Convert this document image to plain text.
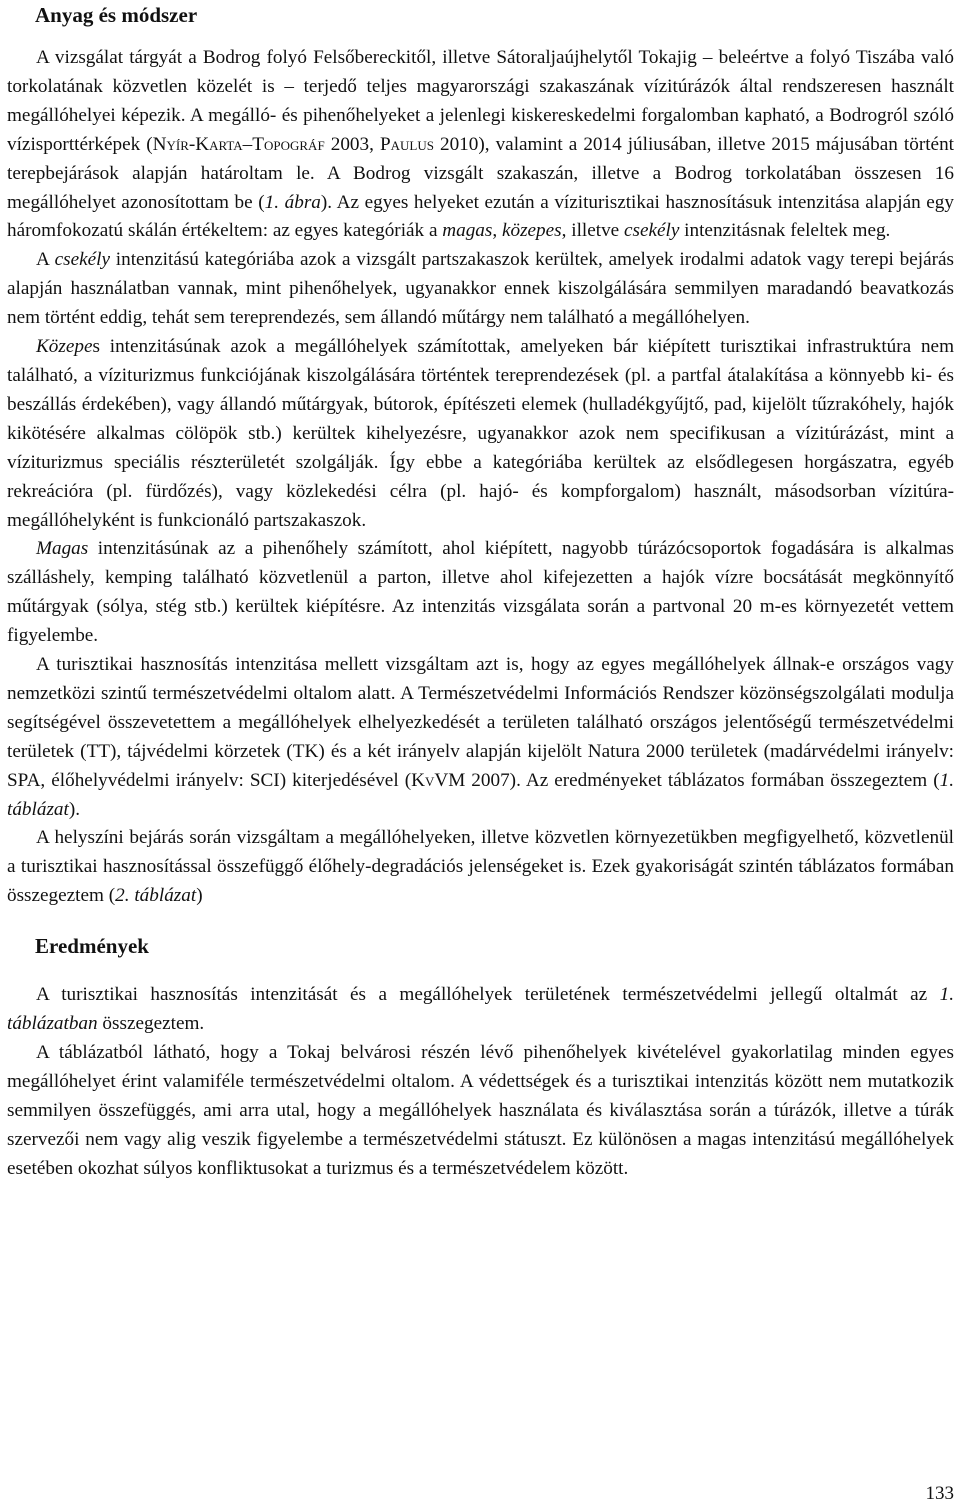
Anyag és módszer

A vizsgálat tárgyát a Bodrog folyó Felsőbereckitől, illetve Sátoraljaújhelytől Tokajig – beleértve a folyó Tiszába való torkolatának közvetlen közelét is – terjedő teljes magyarországi szakaszának vízitúrázók által rendszeresen használt megállóhelyei képezik. A megálló- és pihenőhelyeket a jelenlegi kiskereskedelmi forgalomban kapható, a Bodrogról szóló vízisporttérképek (Nyír-Karta–Topográf 2003, Paulus 2010), valamint a 2014 júliusában, illetve 2015 májusában történt terepbejárások alapján határoltam le. A Bodrog vizsgált szakaszán, illetve a Bodrog torkolatában összesen 16 megállóhelyet azonosítottam be (1. ábra). Az egyes helyeket ezután a víziturisztikai hasznosításuk intenzitása alapján egy háromfokozatú skálán értékeltem: az egyes kategóriák a magas, közepes, illetve csekély intenzitásnak feleltek meg.

A csekély intenzitású kategóriába azok a vizsgált partszakaszok kerültek, amelyek irodalmi adatok vagy terepi bejárás alapján használatban vannak, mint pihenőhelyek, ugyanakkor ennek kiszolgálására semmilyen maradandó beavatkozás nem történt eddig, tehát sem tereprendezés, sem állandó műtárgy nem található a megállóhelyen.

Közepes intenzitásúnak azok a megállóhelyek számítottak, amelyeken bár kiépített turisztikai infrastruktúra nem található, a víziturizmus funkciójának kiszolgálására történtek tereprendezések (pl. a partfal átalakítása a könnyebb ki- és beszállás érdekében), vagy állandó műtárgyak, bútorok, építészeti elemek (hulladékgyűjtő, pad, kijelölt tűzrakóhely, hajók kikötésére alkalmas cölöpök stb.) kerültek kihelyezésre, ugyanakkor azok nem specifikusan a vízitúrázást, mint a víziturizmus speciális részterületét szolgálják. Így ebbe a kategóriába kerültek az elsődlegesen horgászatra, egyéb rekreációra (pl. fürdőzés), vagy közlekedési célra (pl. hajó- és kompforgalom) használt, másodsorban vízitúra-megállóhelyként is funkcionáló partszakaszok.

Magas intenzitásúnak az a pihenőhely számított, ahol kiépített, nagyobb túrázócsoportok fogadására is alkalmas szálláshely, kemping található közvetlenül a parton, illetve ahol kifejezetten a hajók vízre bocsátását megkönnyítő műtárgyak (sólya, stég stb.) kerültek kiépítésre. Az intenzitás vizsgálata során a partvonal 20 m-es környezetét vettem figyelembe.

A turisztikai hasznosítás intenzitása mellett vizsgáltam azt is, hogy az egyes megállóhelyek állnak-e országos vagy nemzetközi szintű természetvédelmi oltalom alatt. A Természetvédelmi Információs Rendszer közönségszolgálati modulja segítségével összevetettem a megállóhelyek elhelyezkedését a területen található országos jelentőségű természetvédelmi területek (TT), tájvédelmi körzetek (TK) és a két irányelv alapján kijelölt Natura 2000 területek (madárvédelmi irányelv: SPA, élőhelyvédelmi irányelv: SCI) kiterjedésével (KvVM 2007). Az eredményeket táblázatos formában összegeztem (1. táblázat).

A helyszíni bejárás során vizsgáltam a megállóhelyeken, illetve közvetlen környezetükben megfigyelhető, közvetlenül a turisztikai hasznosítással összefüggő élőhely-degradációs jelenségeket is. Ezek gyakoriságát szintén táblázatos formában összegeztem (2. táblázat)

Eredmények

A turisztikai hasznosítás intenzitását és a megállóhelyek területének természetvédelmi jellegű oltalmát az 1. táblázatban összegeztem.

A táblázatból látható, hogy a Tokaj belvárosi részén lévő pihenőhelyek kivételével gyakorlatilag minden egyes megállóhelyet érint valamiféle természetvédelmi oltalom. A védettségek és a turisztikai intenzitás között nem mutatkozik semmilyen összefüggés, ami arra utal, hogy a megállóhelyek használata és kiválasztása során a túrázók, illetve a túrák szervezői nem vagy alig veszik figyelembe a természetvédelmi státuszt. Ez különösen a magas intenzitású megállóhelyek esetében okozhat súlyos konfliktusokat a turizmus és a természetvédelem között.

133
